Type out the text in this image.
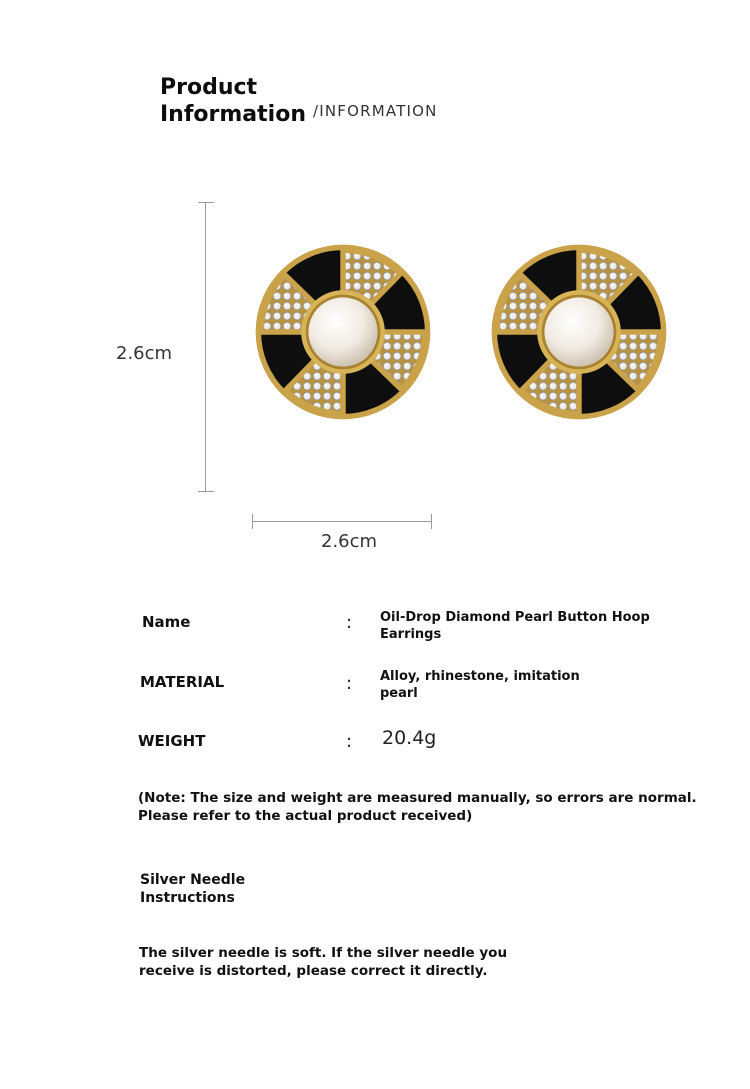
Product
Information /INFORMATION
2.6cm
2.6cm
Name	: Oil-Drop Diamond Pearl Button Hoop Earrings
MATERIAL	: Alloy, rhinestone, imitation pearl
WEIGHT	: 20.4g
(Note: The size and weight are measured manually, so errors are normal. Please refer to the actual product received)
Silver Needle Instructions
The silver needle is soft. If the silver needle you receive is distorted, please correct it directly.
